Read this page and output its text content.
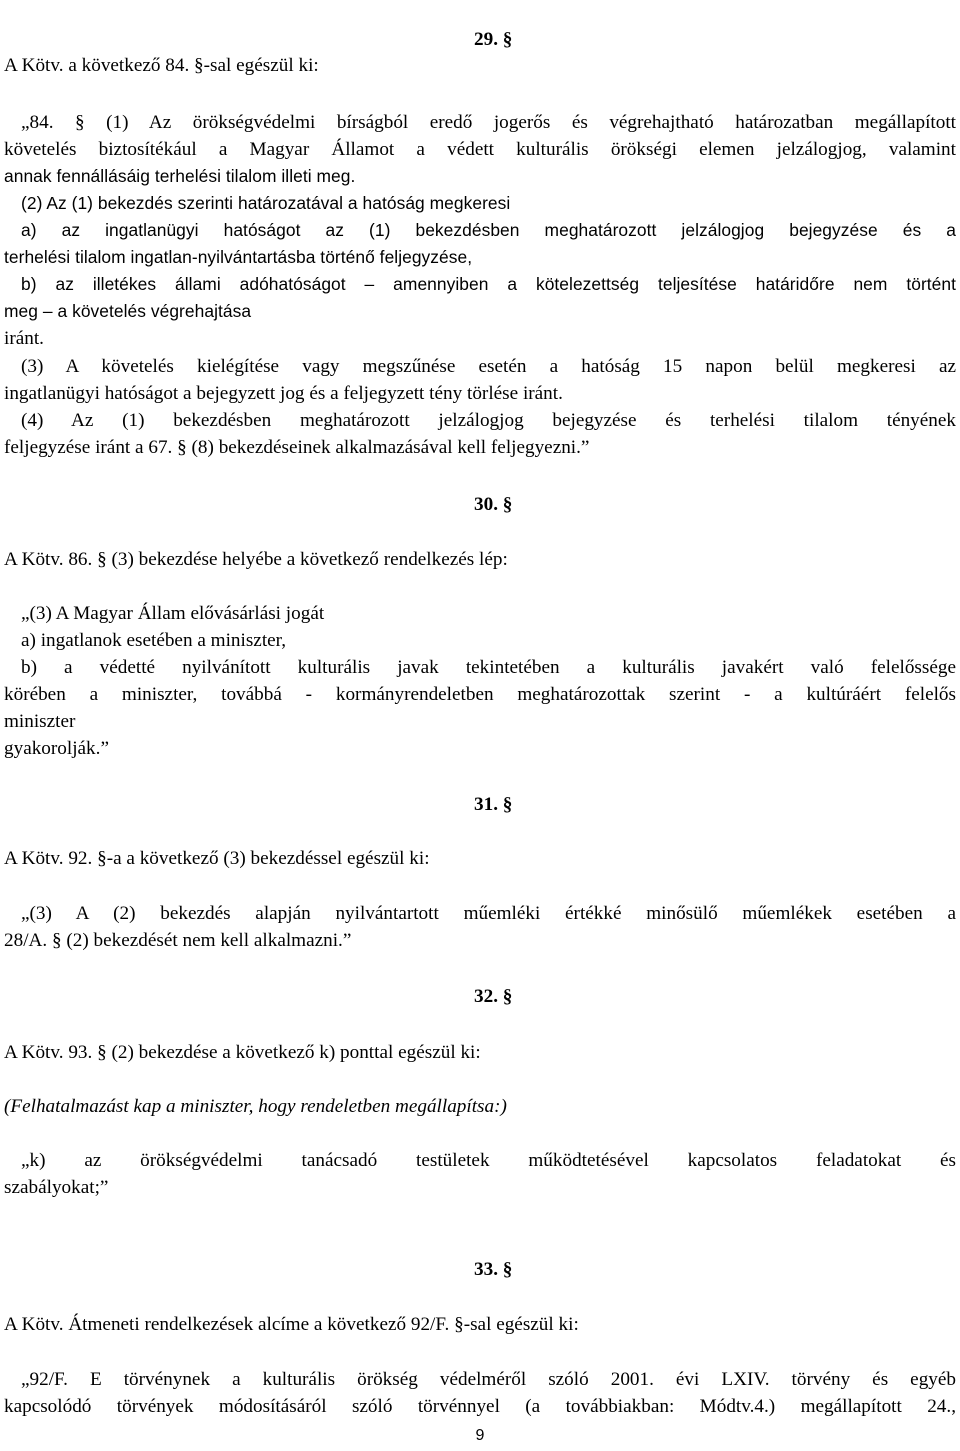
29. §
A Kötv. a következő 84. §-sal egészül ki:
„84. § (1) Az örökségvédelmi bírságból eredő jogerős és végrehajtható határozatban megállapított
követelés biztosítékául a Magyar Államot a védett kulturális örökségi elemen jelzálogjog, valamint
annak fennállásáig terhelési tilalom illeti meg.
(2) Az (1) bekezdés szerinti határozatával a hatóság megkeresi
a) az ingatlanügyi hatóságot az (1) bekezdésben meghatározott jelzálogjog bejegyzése és a
terhelési tilalom ingatlan-nyilvántartásba történő feljegyzése,
b) az illetékes állami adóhatóságot – amennyiben a kötelezettség teljesítése határidőre nem történt
meg – a követelés végrehajtása
iránt.
(3) A követelés kielégítése vagy megszűnése esetén a hatóság 15 napon belül megkeresi az
ingatlanügyi hatóságot a bejegyzett jog és a feljegyzett tény törlése iránt.
(4) Az (1) bekezdésben meghatározott jelzálogjog bejegyzése és terhelési tilalom tényének
feljegyzése iránt a 67. § (8) bekezdéseinek alkalmazásával kell feljegyezni.”
30. §
A Kötv. 86. § (3) bekezdése helyébe a következő rendelkezés lép:
„(3) A Magyar Állam elővásárlási jogát
a) ingatlanok esetében a miniszter,
b) a védetté nyilvánított kulturális javak tekintetében a kulturális javakért való felelőssége
körében a miniszter, továbbá - kormányrendeletben meghatározottak szerint - a kultúráért felelős
miniszter
gyakorolják.”
31. §
A Kötv. 92. §-a a következő (3) bekezdéssel egészül ki:
„(3) A (2) bekezdés alapján nyilvántartott műemléki értékké minősülő műemlékek esetében a
28/A. § (2) bekezdését nem kell alkalmazni.”
32. §
A Kötv. 93. § (2) bekezdése a következő k) ponttal egészül ki:
(Felhatalmazást kap a miniszter, hogy rendeletben megállapítsa:)
„k) az örökségvédelmi tanácsadó testületek működtetésével kapcsolatos feladatokat és
szabályokat;”
33. §
A Kötv. Átmeneti rendelkezések alcíme a következő 92/F. §-sal egészül ki:
„92/F. E törvénynek a kulturális örökség védelméről szóló 2001. évi LXIV. törvény és egyéb
kapcsolódó törvények módosításáról szóló törvénnyel (a továbbiakban: Módtv.4.) megállapított 24.,
9
